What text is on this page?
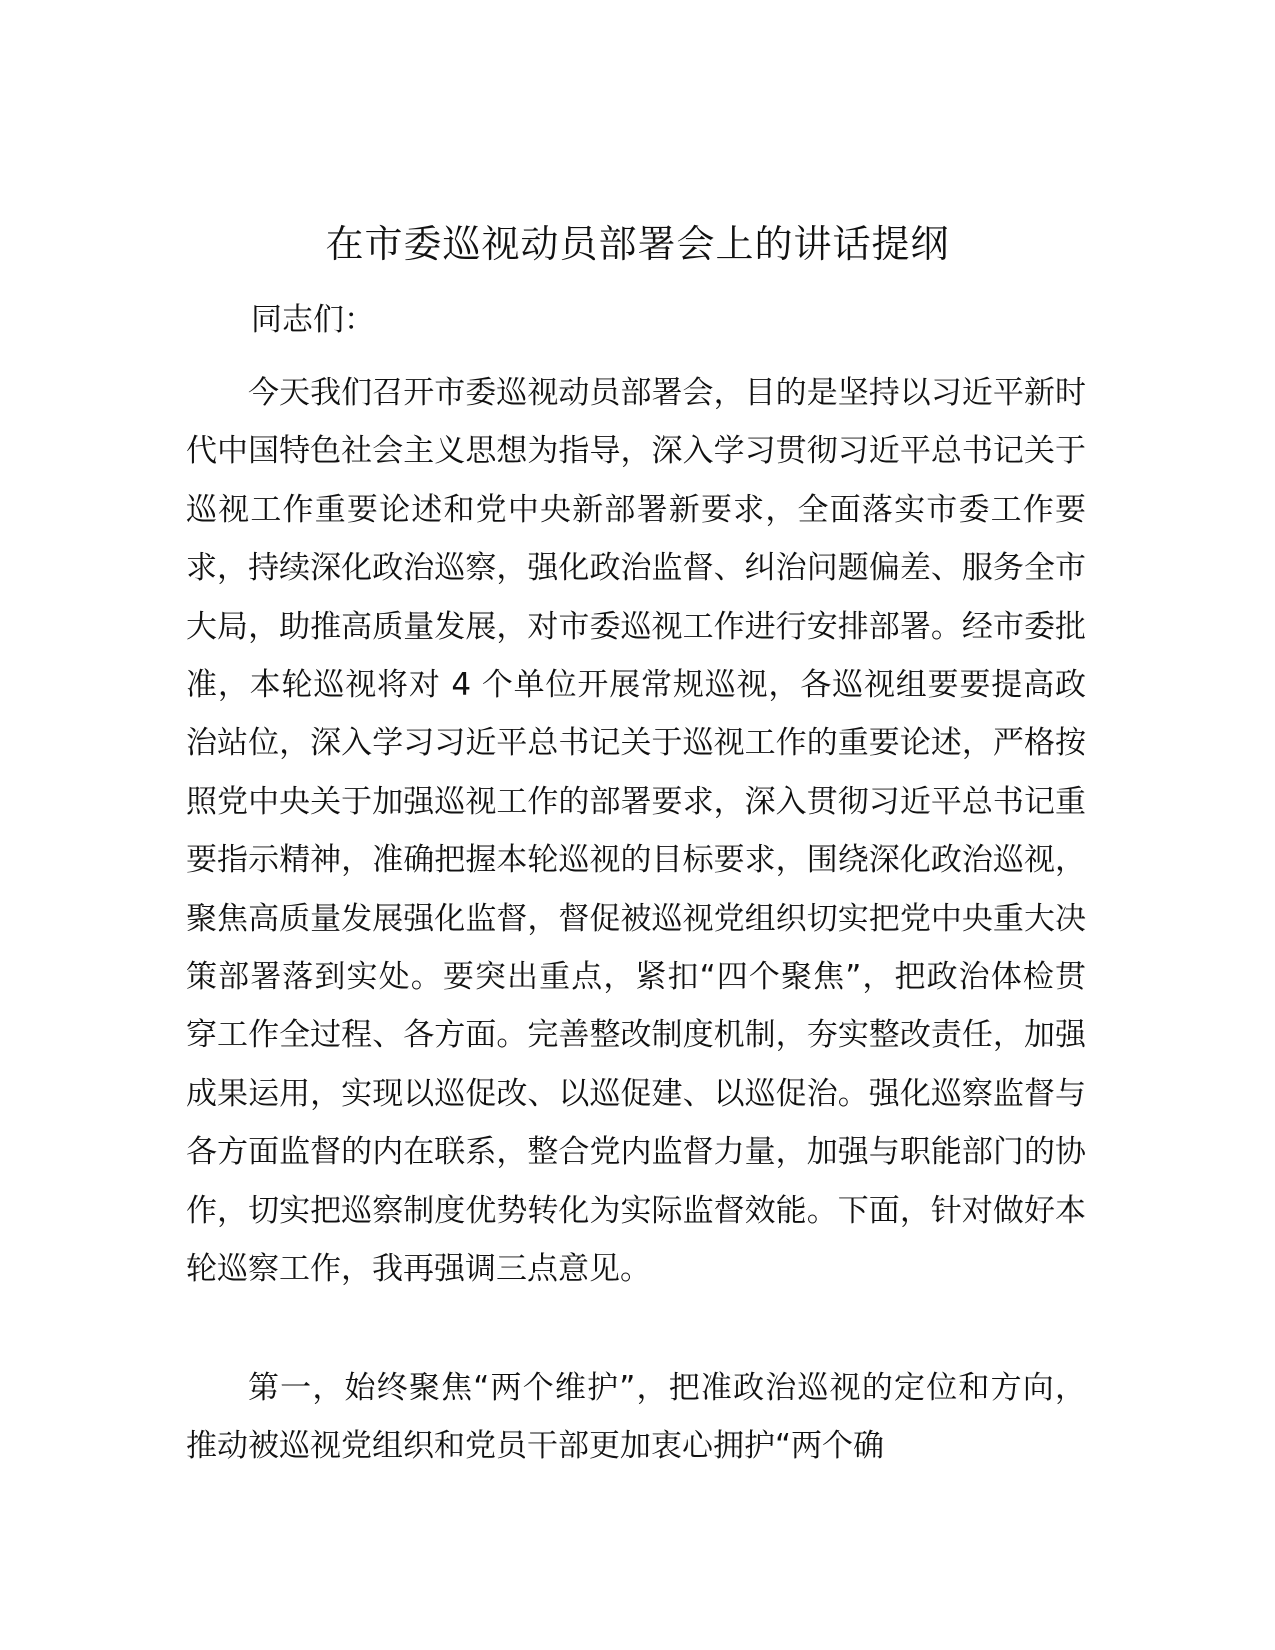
在市委巡视动员部署会上的讲话提纲

同志们：

今天我们召开市委巡视动员部署会，目的是坚持以习近平新时代中国特色社会主义思想为指导，深入学习贯彻习近平总书记关于巡视工作重要论述和党中央新部署新要求，全面落实市委工作要求，持续深化政治巡察，强化政治监督、纠治问题偏差、服务全市大局，助推高质量发展，对市委巡视工作进行安排部署。经市委批准，本轮巡视将对 4 个单位开展常规巡视，各巡视组要要提高政治站位，深入学习习近平总书记关于巡视工作的重要论述，严格按照党中央关于加强巡视工作的部署要求，深入贯彻习近平总书记重要指示精神，准确把握本轮巡视的目标要求，围绕深化政治巡视，聚焦高质量发展强化监督，督促被巡视党组织切实把党中央重大决策部署落到实处。要突出重点，紧扣“四个聚焦”，把政治体检贯穿工作全过程、各方面。完善整改制度机制，夯实整改责任，加强成果运用，实现以巡促改、以巡促建、以巡促治。强化巡察监督与各方面监督的内在联系，整合党内监督力量，加强与职能部门的协作，切实把巡察制度优势转化为实际监督效能。下面，针对做好本轮巡察工作，我再强调三点意见。

第一，始终聚焦“两个维护”，把准政治巡视的定位和方向，推动被巡视党组织和党员干部更加衷心拥护“两个确
